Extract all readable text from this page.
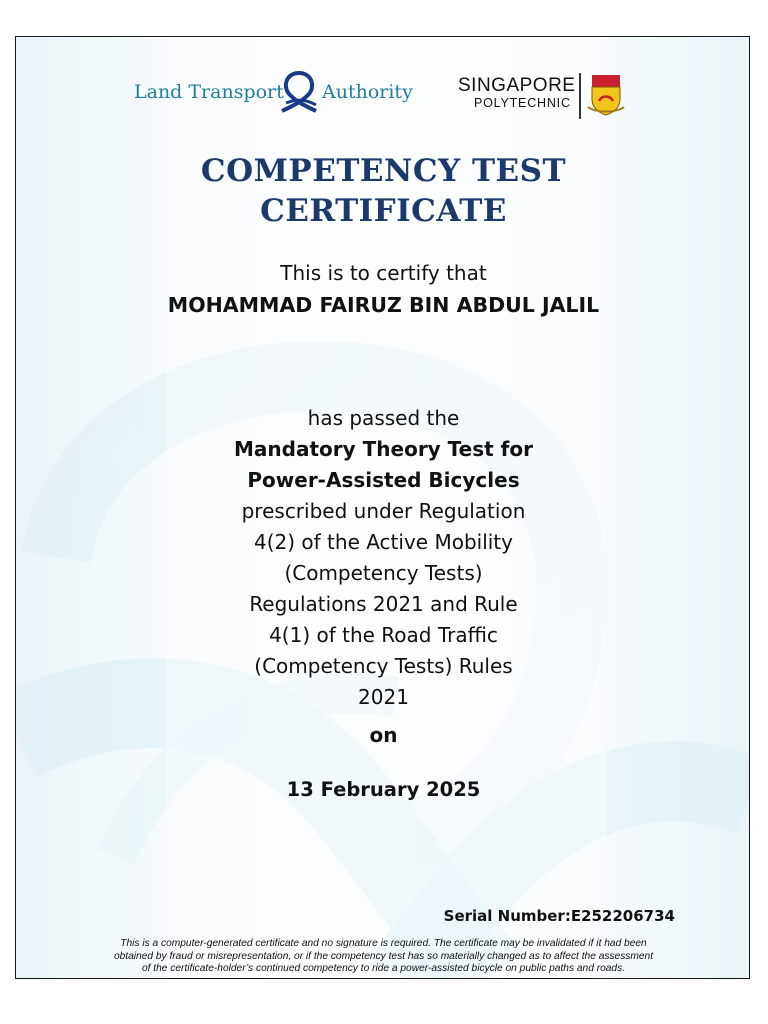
Land Transport Authority SINGAPORE
POLYTECHNIC
COMPETENCY TEST
CERTIFICATE

This is to certify that

MOHAMMAD FAIRUZ BIN ABDUL JALIL

has passed the
Mandatory Theory Test for
Power-Assisted Bicycles
prescribed under Regulation
4(2) of the Active Mobility
(Competency Tests)
Regulations 2021 and Rule
4(1) of the Road Traffic
(Competency Tests) Rules
2021

on

13 February 2025

Serial Number:E252206734
This is a computer-generated certificate and no signature is required. The certificate may be invalidated if it had been
obtained by fraud or misrepresentation, or if the competency test has so materially changed as to affect the assessment
of the certificate-holder’s continued competency to ride a power-assisted bicycle on public paths and roads.
